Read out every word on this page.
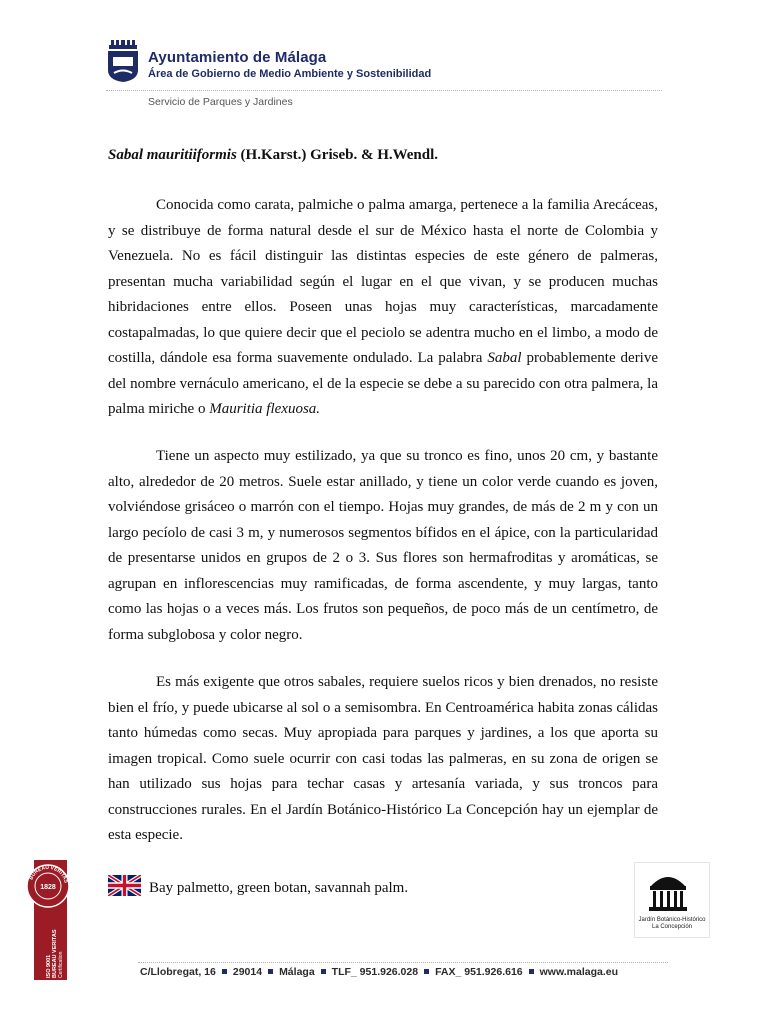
Ayuntamiento de Málaga
Área de Gobierno de Medio Ambiente y Sostenibilidad
Servicio de Parques y Jardines
Sabal mauritiiformis (H.Karst.) Griseb. & H.Wendl.
Conocida como carata, palmiche o palma amarga, pertenece a la familia Arecáceas, y se distribuye de forma natural desde el sur de México hasta el norte de Colombia y Venezuela. No es fácil distinguir las distintas especies de este género de palmeras, presentan mucha variabilidad según el lugar en el que vivan, y se producen muchas hibridaciones entre ellos. Poseen unas hojas muy características, marcadamente costapalmadas, lo que quiere decir que el peciolo se adentra mucho en el limbo, a modo de costilla, dándole esa forma suavemente ondulado. La palabra Sabal probablemente derive del nombre vernáculo americano, el de la especie se debe a su parecido con otra palmera, la palma miriche o Mauritia flexuosa.
Tiene un aspecto muy estilizado, ya que su tronco es fino, unos 20 cm, y bastante alto, alrededor de 20 metros. Suele estar anillado, y tiene un color verde cuando es joven, volviéndose grisáceo o marrón con el tiempo. Hojas muy grandes, de más de 2 m y con un largo pecíolo de casi 3 m, y numerosos segmentos bífidos en el ápice, con la particularidad de presentarse unidos en grupos de 2 o 3. Sus flores son hermafroditas y aromáticas, se agrupan en inflorescencias muy ramificadas, de forma ascendente, y muy largas, tanto como las hojas o a veces más. Los frutos son pequeños, de poco más de un centímetro, de forma subglobosa y color negro.
Es más exigente que otros sabales, requiere suelos ricos y bien drenados, no resiste bien el frío, y puede ubicarse al sol o a semisombra. En Centroamérica habita zonas cálidas tanto húmedas como secas. Muy apropiada para parques y jardines, a los que aporta su imagen tropical. Como suele ocurrir con casi todas las palmeras, en su zona de origen se han utilizado sus hojas para techar casas y artesanía variada, y sus troncos para construcciones rurales. En el Jardín Botánico-Histórico La Concepción hay un ejemplar de esta especie.
Bay palmetto, green botan, savannah palm.
BUREAU VERITAS
1828
ISO 9001 BUREAU VERITAS Certification
Jardín Botánico-Histórico
La Concepción
C/Llobregat, 16 29014 Málaga TLF_ 951.926.028 FAX_ 951.926.616 www.malaga.eu
